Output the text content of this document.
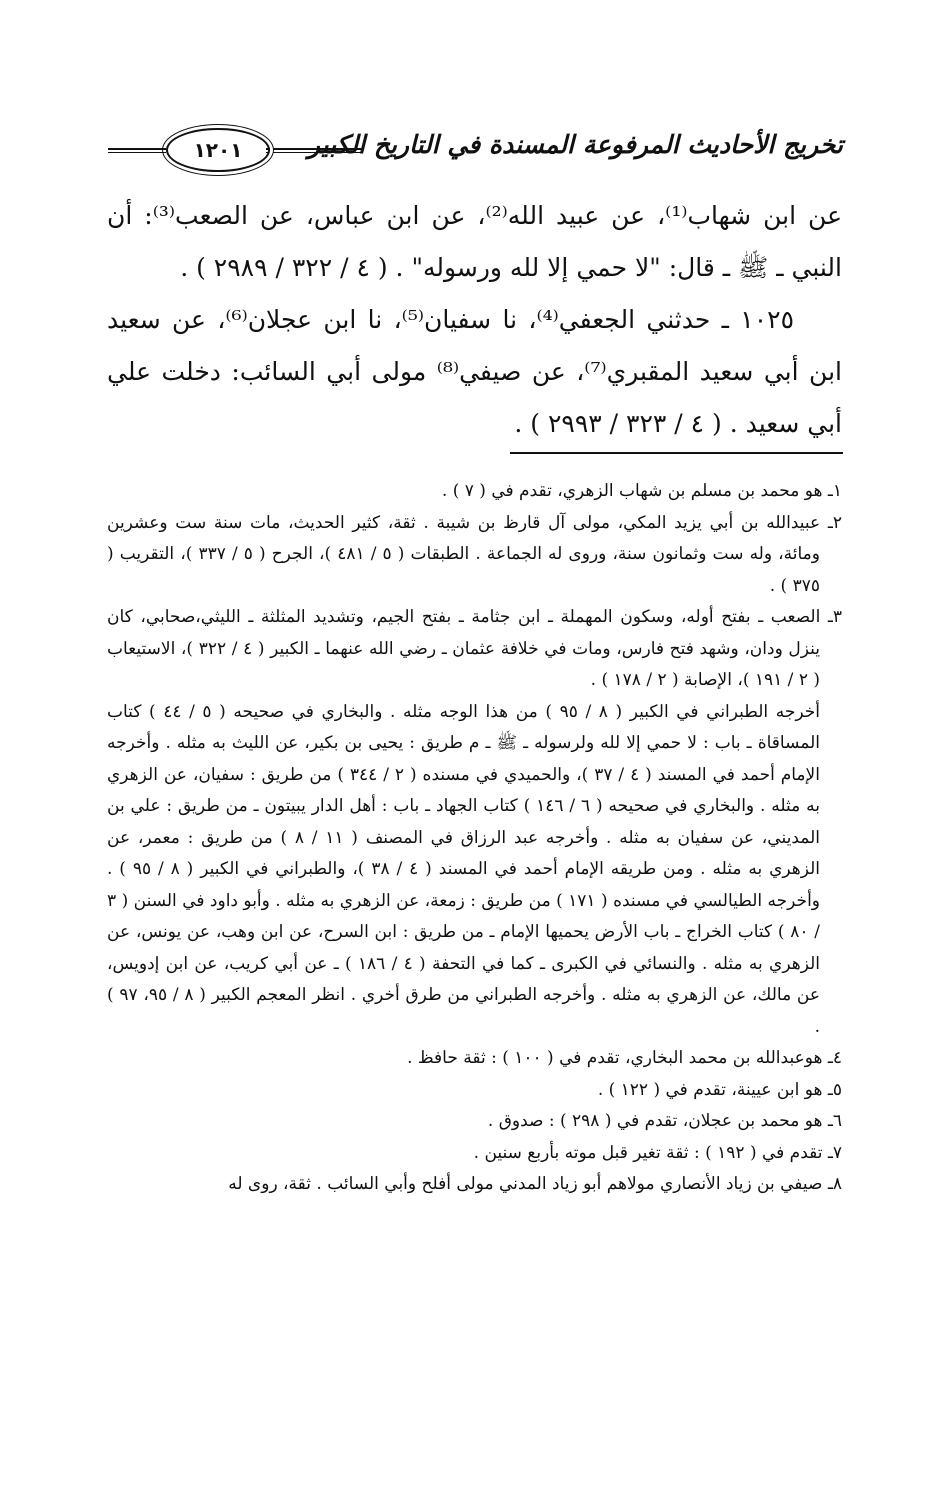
تخريج الأحاديث المرفوعة المسندة في التاريخ الكبير
١٢٠١

عن ابن شهاب⁽¹⁾، عن عبيد الله⁽²⁾، عن ابن عباس، عن الصعب⁽³⁾: أن النبي ـ ﷺ ـ قال: "لا حمي إلا لله ورسوله" . ( ٤ / ٣٢٢ / ٢٩٨٩ ) .

١٠٢٥ ـ حدثني الجعفي⁽⁴⁾، نا سفيان⁽⁵⁾، نا ابن عجلان⁽⁶⁾، عن سعيد ابن أبي سعيد المقبري⁽⁷⁾، عن صيفي⁽⁸⁾ مولى أبي السائب: دخلت علي أبي سعيد . ( ٤ / ٣٢٣ / ٢٩٩٣ ) .

١ـ هو محمد بن مسلم بن شهاب الزهري، تقدم في ( ٧ ) .

٢ـ عبيدالله بن أبي يزيد المكي، مولى آل قارظ بن شيبة . ثقة، كثير الحديث، مات سنة ست وعشرين ومائة، وله ست وثمانون سنة، وروى له الجماعة . الطبقات ( ٥ / ٤٨١ )، الجرح ( ٥ / ٣٣٧ )، التقريب ( ٣٧٥ ) .

٣ـ الصعب ـ بفتح أوله، وسكون المهملة ـ ابن جثامة ـ بفتح الجيم، وتشديد المثلثة ـ الليثي،صحابي، كان ينزل ودان، وشهد فتح فارس، ومات في خلافة عثمان ـ رضي الله عنهما ـ الكبير ( ٤ / ٣٢٢ )، الاستيعاب ( ٢ / ١٩١ )، الإصابة ( ٢ / ١٧٨ ) .

أخرجه الطبراني في الكبير ( ٨ / ٩٥ ) من هذا الوجه مثله . والبخاري في صحيحه ( ٥ / ٤٤ ) كتاب المساقاة ـ باب : لا حمي إلا لله ولرسوله ـ ﷺ ـ م طريق : يحيى بن بكير، عن الليث به مثله . وأخرجه الإمام أحمد في المسند ( ٤ / ٣٧ )، والحميدي في مسنده ( ٢ / ٣٤٤ ) من طريق : سفيان، عن الزهري به مثله . والبخاري في صحيحه ( ٦ / ١٤٦ ) كتاب الجهاد ـ باب : أهل الدار يبيتون ـ من طريق : علي بن المديني، عن سفيان به مثله . وأخرجه عبد الرزاق في المصنف ( ١١ / ٨ ) من طريق : معمر، عن الزهري به مثله . ومن طريقه الإمام أحمد في المسند ( ٤ / ٣٨ )، والطبراني في الكبير ( ٨ / ٩٥ ) . وأخرجه الطيالسي في مسنده ( ١٧١ ) من طريق : زمعة، عن الزهري به مثله . وأبو داود في السنن ( ٣ / ٨٠ ) كتاب الخراج ـ باب الأرض يحميها الإمام ـ من طريق : ابن السرح، عن ابن وهب، عن يونس، عن الزهري به مثله . والنسائي في الكبرى ـ كما في التحفة ( ٤ / ١٨٦ ) ـ عن أبي كريب، عن ابن إدويس، عن مالك، عن الزهري به مثله . وأخرجه الطبراني من طرق أخري . انظر المعجم الكبير ( ٨ / ٩٥، ٩٧ ) .

٤ـ هوعبدالله بن محمد البخاري، تقدم في ( ١٠٠ ) : ثقة حافظ .

٥ـ هو ابن عيينة، تقدم في ( ١٢٢ ) .

٦ـ هو محمد بن عجلان، تقدم في ( ٢٩٨ ) : صدوق .

٧ـ تقدم في ( ١٩٢ ) : ثقة تغير قبل موته بأربع سنين .

٨ـ صيفي بن زياد الأنصاري مولاهم أبو زياد المدني مولى أفلح وأبي السائب . ثقة، روى له
